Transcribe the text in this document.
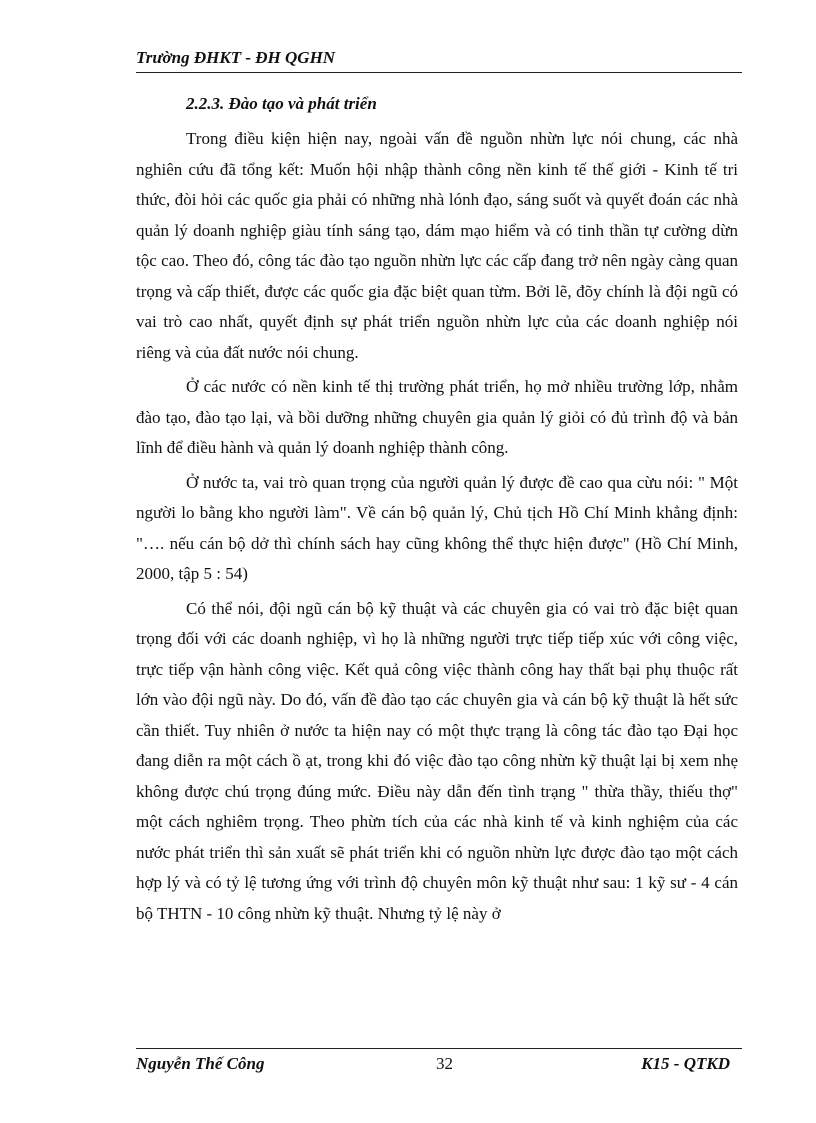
Trường ĐHKT - ĐH QGHN
2.2.3. Đào tạo và phát triển

Trong điều kiện hiện nay, ngoài vấn đề nguồn nhừn lực nói chung, các nhà nghiên cứu đã tổng kết: Muốn hội nhập thành công nền kinh tế thế giới - Kinh tế tri thức, đòi hỏi các quốc gia phải có những nhà lónh đạo, sáng suốt và quyết đoán các nhà quản lý doanh nghiệp giàu tính sáng tạo, dám mạo hiểm và có tinh thần tự cường dừn tộc cao. Theo đó, công tác đào tạo nguồn nhừn lực các cấp đang trở nên ngày càng quan trọng và cấp thiết, được các quốc gia đặc biệt quan từm. Bởi lẽ, đõy chính là đội ngũ có vai trò cao nhất, quyết định sự phát triển nguồn nhừn lực của các doanh nghiệp nói riêng và của đất nước nói chung.

Ở các nước có nền kinh tế thị trường phát triển, họ mở nhiều trường lớp, nhằm đào tạo, đào tạo lại, và bồi dưỡng những chuyên gia quản lý giỏi có đủ trình độ và bản lĩnh để điều hành và quản lý doanh nghiệp thành công.

Ở nước ta, vai trò quan trọng của người quản lý được đề cao qua cừu nói: " Một người lo bằng kho người làm". Về cán bộ quản lý, Chủ tịch Hồ Chí Minh khẳng định: "…. nếu cán bộ dở thì chính sách hay cũng không thể thực hiện được" (Hồ Chí Minh, 2000, tập 5 : 54)

Có thể nói, đội ngũ cán bộ kỹ thuật và các chuyên gia có vai trò đặc biệt quan trọng đối với các doanh nghiệp, vì họ là những người trực tiếp tiếp xúc với công việc, trực tiếp vận hành công việc. Kết quả công việc thành công hay thất bại phụ thuộc rất lớn vào đội ngũ này. Do đó, vấn đề đào tạo các chuyên gia và cán bộ kỹ thuật là hết sức cần thiết. Tuy nhiên ở nước ta hiện nay có một thực trạng là công tác đào tạo Đại học đang diễn ra một cách ồ ạt, trong khi đó việc đào tạo công nhừn kỹ thuật lại bị xem nhẹ không được chú trọng đúng mức. Điều này dẫn đến tình trạng " thừa thầy, thiếu thợ" một cách nghiêm trọng. Theo phừn tích của các nhà kinh tế và kinh nghiệm của các nước phát triển thì sản xuất sẽ phát triển khi có nguồn nhừn lực được đào tạo một cách hợp lý và có tỷ lệ tương ứng với trình độ chuyên môn kỹ thuật như sau: 1 kỹ sư - 4 cán bộ THTN - 10 công nhừn kỹ thuật. Nhưng tỷ lệ này ở

Nguyễn Thế Công	32	K15 - QTKD
